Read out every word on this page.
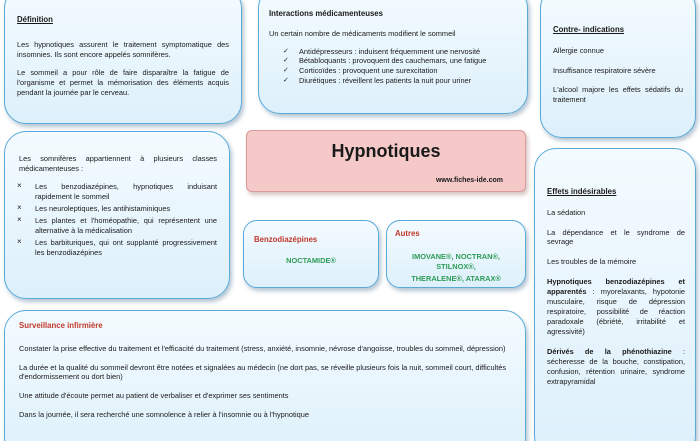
Définition

Les hypnotiques assurent le traitement symptomatique des insomnies. Ils sont encore appelés somnifères.

Le sommeil a pour rôle de faire disparaître la fatigue de l'organisme et permet la mémorisation des éléments acquis pendant la journée par le cerveau.

Interactions médicamenteuses

Un certain nombre de médicaments modifient le sommeil

✓ Antidépresseurs : induisent fréquemment une nervosité
✓ Bétabloquants : provoquent des cauchemars, une fatigue
✓ Corticoïdes : provoquent une surexcitation
✓ Diurétiques : réveillent les patients la nuit pour uriner
Contre- indications

Allergie connue

Insuffisance respiratoire sévère

L'alcool majore les effets sédatifs du traitement

Les somnifères appartiennent à plusieurs classes médicamenteuses :

× Les benzodiazépines, hypnotiques induisant rapidement le sommeil
× Les neuroleptiques, les antihistaminiques
× Les plantes et l'homéopathie, qui représentent une alternative à la médicalisation
× Les barbituriques, qui ont supplanté progressivement les benzodiazépines
Hypnotiques
www.fiches-ide.com
Benzodiazépines
NOCTAMIDE®
Autres
IMOVANE®, NOCTRAN®, STILNOX®,
THERALENE®, ATARAX®
Effets indésirables

La sédation

La dépendance et le syndrome de sevrage

Les troubles de la mémoire

Hypnotiques benzodiazépines et apparentés : myorelaxants, hypotonie musculaire, risque de dépression respiratoire, possibilité de réaction paradoxale (ébriété, irritabilité et agressivité)

Dérivés de la phénothiazine : sécheresse de la bouche, constipation, confusion, rétention urinaire, syndrome extrapyramidal

Surveillance infirmière

Constater la prise effective du traitement et l'efficacité du traitement (stress, anxiété, insomnie, névrose d'angoisse, troubles du sommeil, dépression)

La durée et la qualité du sommeil devront être notées et signalées au médecin (ne dort pas, se réveille plusieurs fois la nuit, sommeil court, difficultés d'endormissement ou dort bien)

Une attitude d'écoute permet au patient de verbaliser et d'exprimer ses sentiments

Dans la journée, il sera recherché une somnolence à relier à l'insomnie ou à l'hypnotique
